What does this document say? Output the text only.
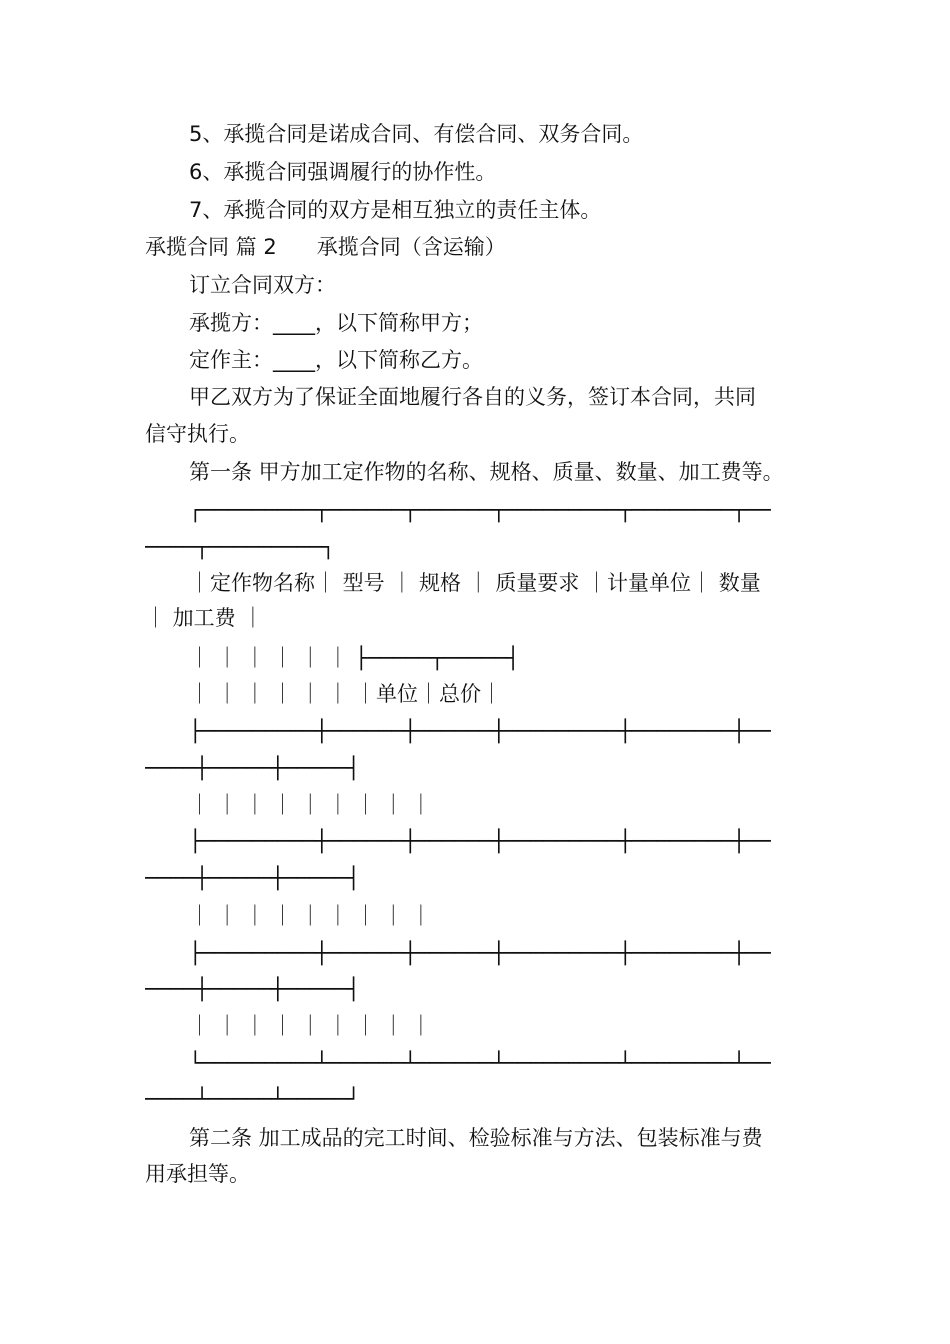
5、承揽合同是诺成合同、有偿合同、双务合同。
6、承揽合同强调履行的协作性。
7、承揽合同的双方是相互独立的责任主体。
承揽合同 篇 2 承揽合同（含运输）
订立合同双方：
承揽方：____，以下简称甲方；
定作主：____，以下简称乙方。
甲乙双方为了保证全面地履行各自的义务，签订本合同，共同
信守执行。
第一条 甲方加工定作物的名称、规格、质量、数量、加工费等。
┌─────────┬──────┬──────┬─────────┬────────┬──
────┬─────────┐
｜定作物名称｜ 型号 ｜ 规格 ｜ 质量要求 ｜计量单位｜ 数量
｜ 加工费 ｜
｜ ｜ ｜ ｜ ｜ ｜ ├─────┬─────┤
｜ ｜ ｜ ｜ ｜ ｜ ｜单位｜总价｜
├─────────┼──────┼──────┼─────────┼────────┼──
────┼─────┼─────┤
｜ ｜ ｜ ｜ ｜ ｜ ｜ ｜ ｜
├─────────┼──────┼──────┼─────────┼────────┼──
────┼─────┼─────┤
｜ ｜ ｜ ｜ ｜ ｜ ｜ ｜ ｜
├─────────┼──────┼──────┼─────────┼────────┼──
────┼─────┼─────┤
｜ ｜ ｜ ｜ ｜ ｜ ｜ ｜ ｜
└─────────┴──────┴──────┴─────────┴────────┴──
────┴─────┴─────┘
第二条 加工成品的完工时间、检验标准与方法、包装标准与费
用承担等。
